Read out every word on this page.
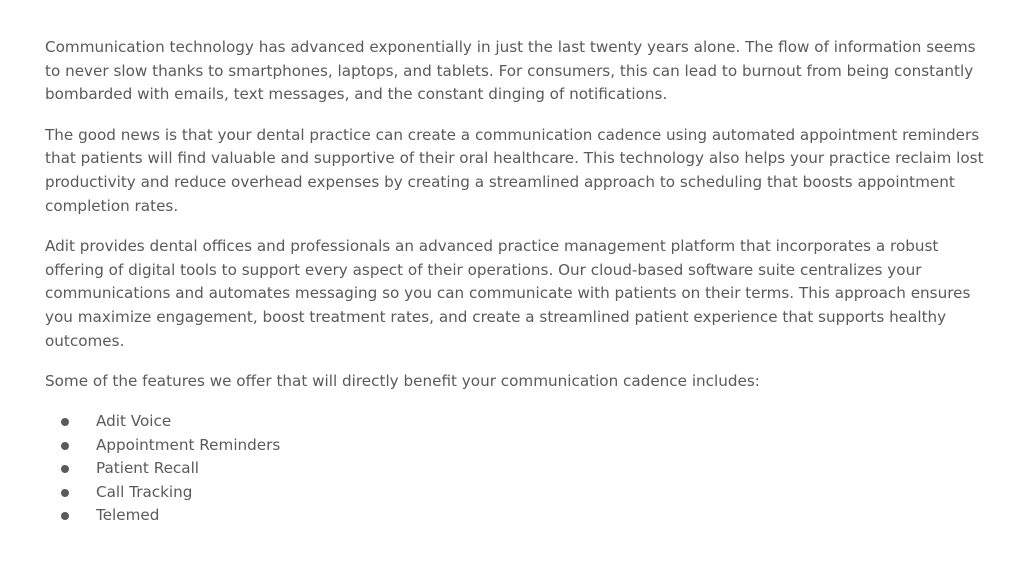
Communication technology has advanced exponentially in just the last twenty years alone. The flow of information seems to never slow thanks to smartphones, laptops, and tablets. For consumers, this can lead to burnout from being constantly bombarded with emails, text messages, and the constant dinging of notifications.

The good news is that your dental practice can create a communication cadence using automated appointment reminders that patients will find valuable and supportive of their oral healthcare. This technology also helps your practice reclaim lost productivity and reduce overhead expenses by creating a streamlined approach to scheduling that boosts appointment completion rates.

Adit provides dental offices and professionals an advanced practice management platform that incorporates a robust offering of digital tools to support every aspect of their operations. Our cloud-based software suite centralizes your communications and automates messaging so you can communicate with patients on their terms. This approach ensures you maximize engagement, boost treatment rates, and create a streamlined patient experience that supports healthy outcomes.

Some of the features we offer that will directly benefit your communication cadence includes:

Adit Voice
Appointment Reminders
Patient Recall
Call Tracking
Telemed
